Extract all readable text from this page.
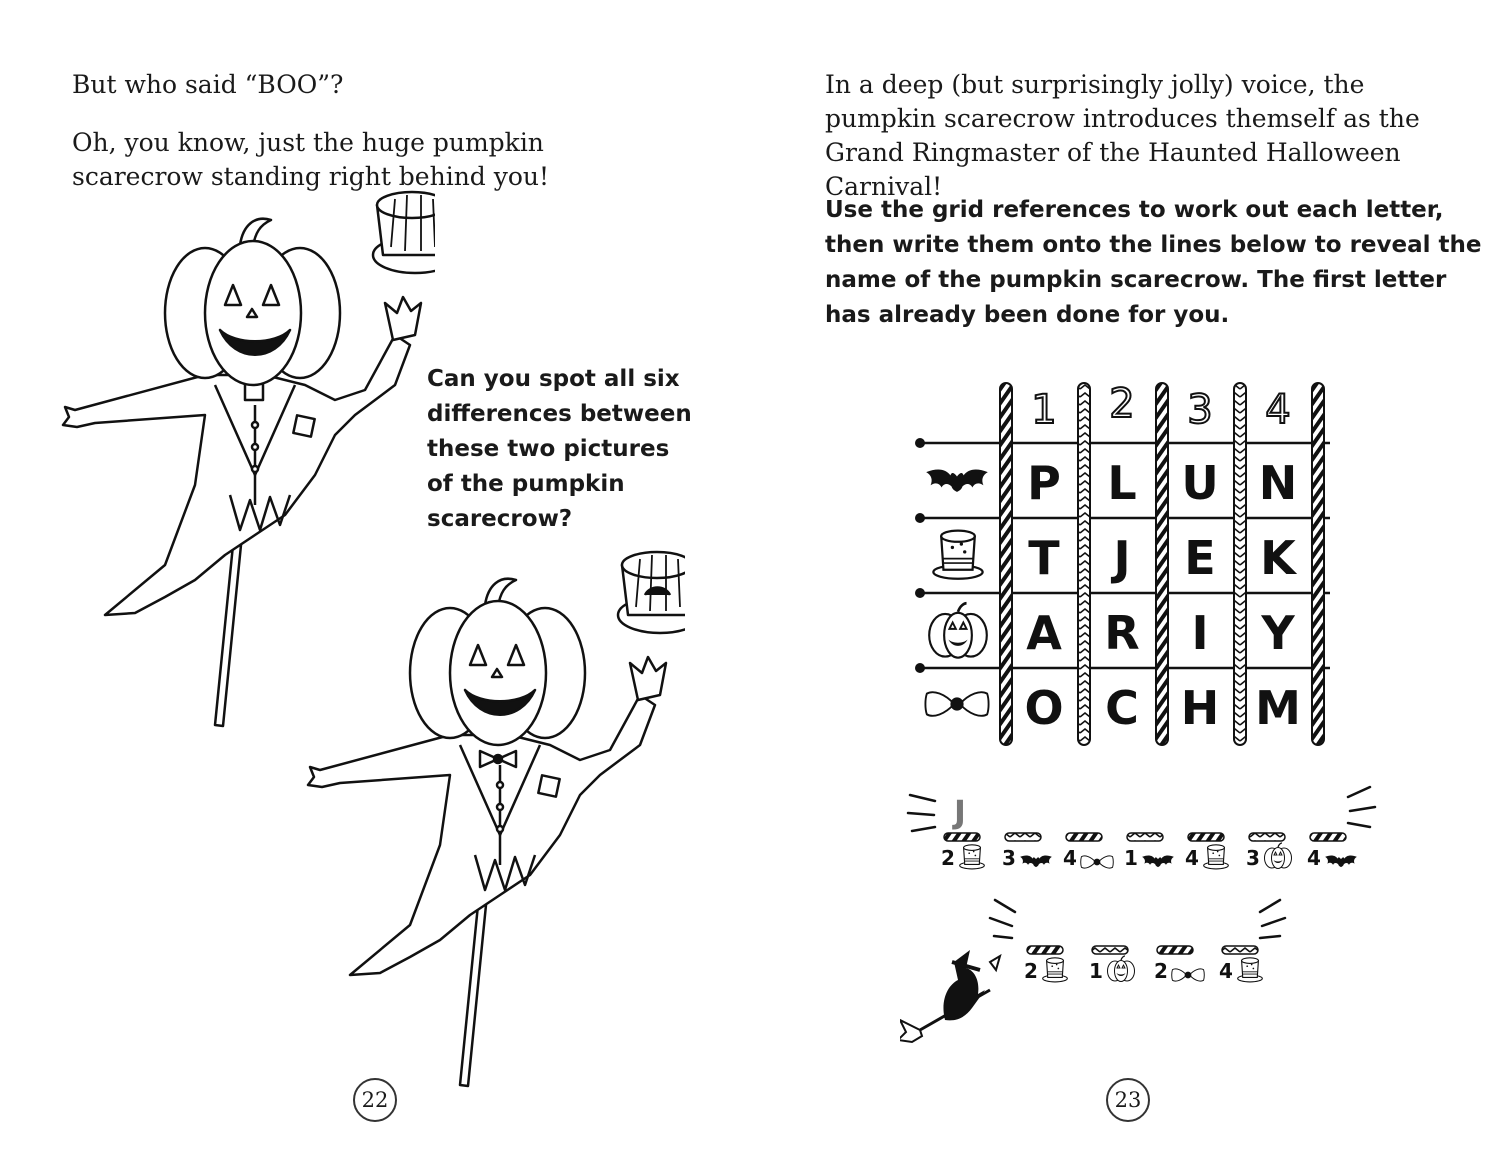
But who said “BOO”?

Oh, you know, just the huge pumpkin scarecrow standing right behind you!

Can you spot all six

differences between

these two pictures

of the pumpkin

scarecrow?

22

In a deep (but surprisingly jolly) voice, the pumpkin scarecrow introduces themself as the Grand Ringmaster of the Haunted Halloween Carnival!

Use the grid references to work out each letter,

then write them onto the lines below to reveal the

name of the pumpkin scarecrow. The first letter

has already been done for you.

1 2 3 4
P L U N
T J E K
A R I Y
O C H M
J
2 3 4 1 4 3 4
2	1	2	4
23
